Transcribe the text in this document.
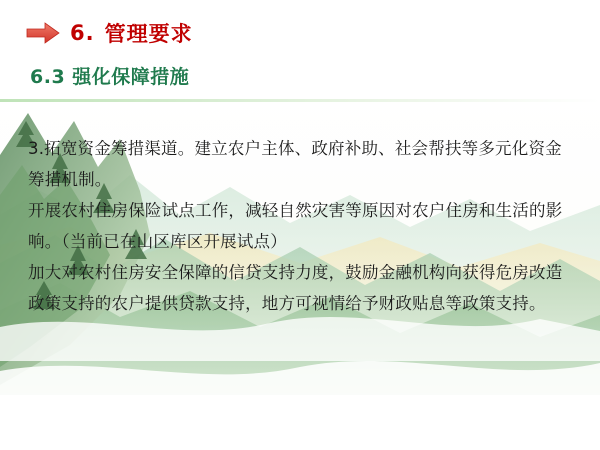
6. 管理要求
6.3 强化保障措施

3.拓宽资金筹措渠道。建立农户主体、政府补助、社会帮扶等多元化资金筹措机制。

开展农村住房保险试点工作，减轻自然灾害等原因对农户住房和生活的影响。（当前已在山区库区开展试点）

加大对农村住房安全保障的信贷支持力度，鼓励金融机构向获得危房改造政策支持的农户提供贷款支持，地方可视情给予财政贴息等政策支持。
